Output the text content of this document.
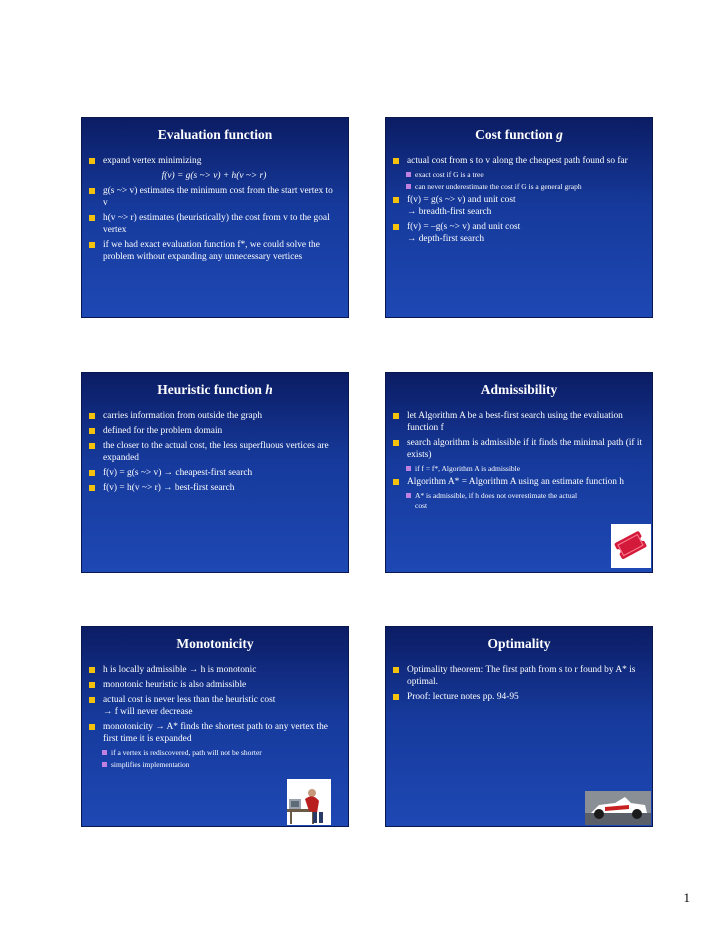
Evaluation function
expand vertex minimizing
f(v) = g(s ~> v) + h(v ~> r)
g(s ~> v) estimates the minimum cost from the start vertex to v
h(v ~> r) estimates (heuristically) the cost from v to the goal vertex
if we had exact evaluation function f*, we could solve the problem without expanding any unnecessary vertices
Cost function g
actual cost from s to v along the cheapest path found so far
exact cost if G is a tree
can never underestimate the cost if G is a general graph
f(v) = g(s ~> v) and unit cost
→ breadth-first search
f(v) = –g(s ~> v) and unit cost
→ depth-first search
Heuristic function h
carries information from outside the graph
defined for the problem domain
the closer to the actual cost, the less superfluous vertices are expanded
f(v) = g(s ~> v) → cheapest-first search
f(v) = h(v ~> r) → best-first search
Admissibility
let Algorithm A be a best-first search using the evaluation function f
search algorithm is admissible if it finds the minimal path (if it exists)
if f = f*, Algorithm A is admissible
Algorithm A* = Algorithm A using an estimate function h
A* is admissible, if h does not overestimate the actual cost
Monotonicity
h is locally admissible → h is monotonic
monotonic heuristic is also admissible
actual cost is never less than the heuristic cost
→ f will never decrease
monotonicity → A* finds the shortest path to any vertex the first time it is expanded
if a vertex is rediscovered, path will not be shorter
simplifies implementation
Optimality
Optimality theorem: The first path from s to r found by A* is optimal.
Proof: lecture notes pp. 94-95
1
